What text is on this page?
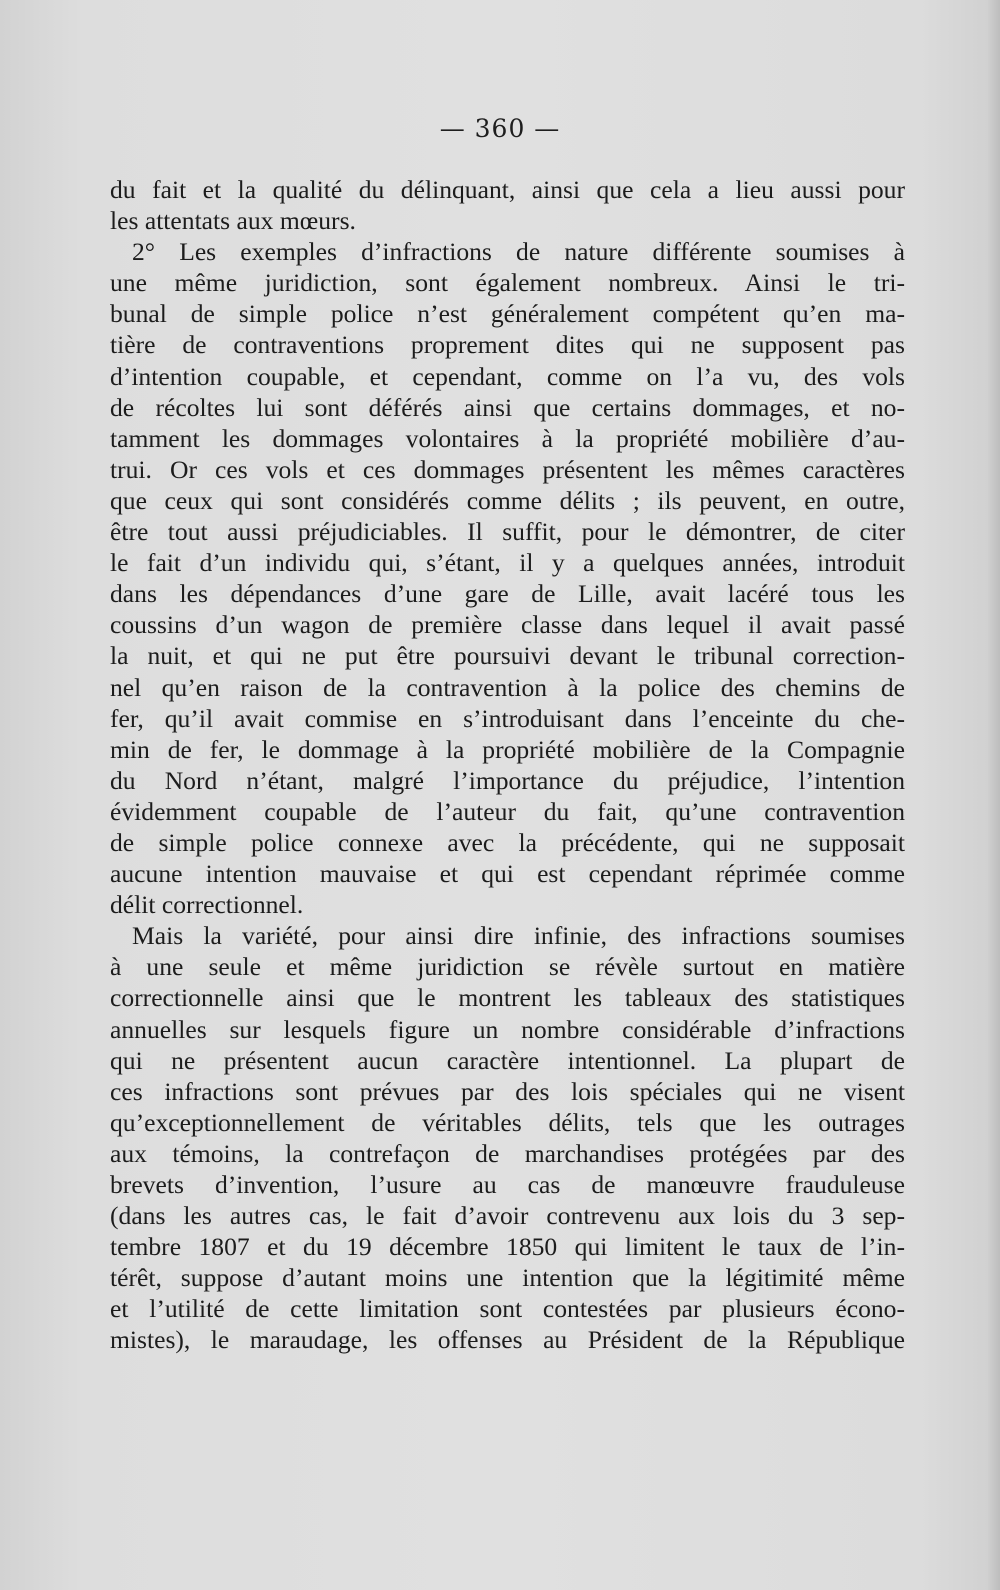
— 360 —
du fait et la qualité du délinquant, ainsi que cela a lieu aussi pour
les attentats aux mœurs.
2° Les exemples d’infractions de nature différente soumises à
une même juridiction, sont également nombreux. Ainsi le tri-
bunal de simple police n’est généralement compétent qu’en ma-
tière de contraventions proprement dites qui ne supposent pas
d’intention coupable, et cependant, comme on l’a vu, des vols
de récoltes lui sont déférés ainsi que certains dommages, et no-
tamment les dommages volontaires à la propriété mobilière d’au-
trui. Or ces vols et ces dommages présentent les mêmes caractères
que ceux qui sont considérés comme délits ; ils peuvent, en outre,
être tout aussi préjudiciables. Il suffit, pour le démontrer, de citer
le fait d’un individu qui, s’étant, il y a quelques années, introduit
dans les dépendances d’une gare de Lille, avait lacéré tous les
coussins d’un wagon de première classe dans lequel il avait passé
la nuit, et qui ne put être poursuivi devant le tribunal correction-
nel qu’en raison de la contravention à la police des chemins de
fer, qu’il avait commise en s’introduisant dans l’enceinte du che-
min de fer, le dommage à la propriété mobilière de la Compagnie
du Nord n’étant, malgré l’importance du préjudice, l’intention
évidemment coupable de l’auteur du fait, qu’une contravention
de simple police connexe avec la précédente, qui ne supposait
aucune intention mauvaise et qui est cependant réprimée comme
délit correctionnel.
Mais la variété, pour ainsi dire infinie, des infractions soumises
à une seule et même juridiction se révèle surtout en matière
correctionnelle ainsi que le montrent les tableaux des statistiques
annuelles sur lesquels figure un nombre considérable d’infractions
qui ne présentent aucun caractère intentionnel. La plupart de
ces infractions sont prévues par des lois spéciales qui ne visent
qu’exceptionnellement de véritables délits, tels que les outrages
aux témoins, la contrefaçon de marchandises protégées par des
brevets d’invention, l’usure au cas de manœuvre frauduleuse
(dans les autres cas, le fait d’avoir contrevenu aux lois du 3 sep-
tembre 1807 et du 19 décembre 1850 qui limitent le taux de l’in-
térêt, suppose d’autant moins une intention que la légitimité même
et l’utilité de cette limitation sont contestées par plusieurs écono-
mistes), le maraudage, les offenses au Président de la République
